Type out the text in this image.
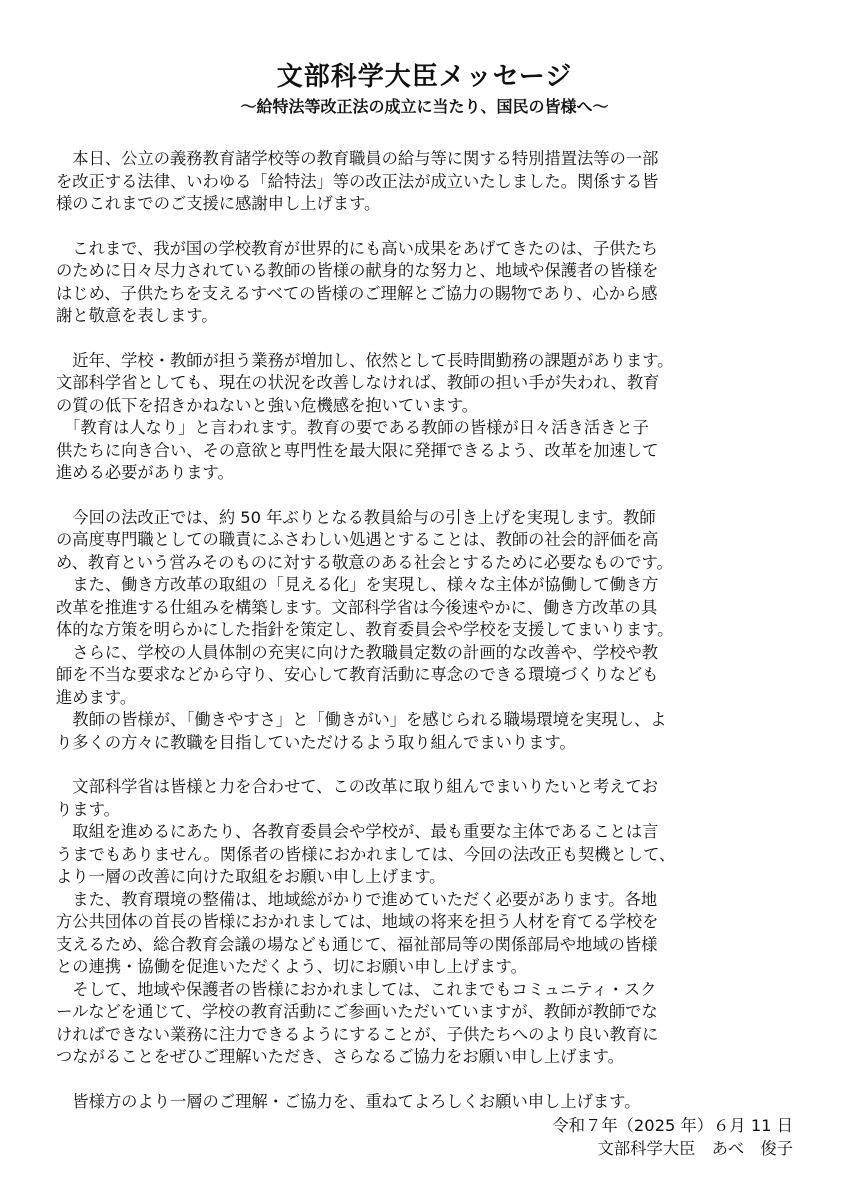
文部科学大臣メッセージ
～給特法等改正法の成立に当たり、国民の皆様へ～
　本日、公立の義務教育諸学校等の教育職員の給与等に関する特別措置法等の一部
を改正する法律、いわゆる「給特法」等の改正法が成立いたしました。関係する皆
様のこれまでのご支援に感謝申し上げます。
　これまで、我が国の学校教育が世界的にも高い成果をあげてきたのは、子供たち
のために日々尽力されている教師の皆様の献身的な努力と、地域や保護者の皆様を
はじめ、子供たちを支えるすべての皆様のご理解とご協力の賜物であり、心から感
謝と敬意を表します。
　近年、学校・教師が担う業務が増加し、依然として長時間勤務の課題があります。
文部科学省としても、現在の状況を改善しなければ、教師の担い手が失われ、教育
の質の低下を招きかねないと強い危機感を抱いています。
　「教育は人なり」と言われます。教育の要である教師の皆様が日々活き活きと子
供たちに向き合い、その意欲と専門性を最大限に発揮できるよう、改革を加速して
進める必要があります。
　今回の法改正では、約 50 年ぶりとなる教員給与の引き上げを実現します。教師
の高度専門職としての職責にふさわしい処遇とすることは、教師の社会的評価を高
め、教育という営みそのものに対する敬意のある社会とするために必要なものです。
　また、働き方改革の取組の「見える化」を実現し、様々な主体が協働して働き方
改革を推進する仕組みを構築します。文部科学省は今後速やかに、働き方改革の具
体的な方策を明らかにした指針を策定し、教育委員会や学校を支援してまいります。
　さらに、学校の人員体制の充実に向けた教職員定数の計画的な改善や、学校や教
師を不当な要求などから守り、安心して教育活動に専念のできる環境づくりなども
進めます。
　教師の皆様が、「働きやすさ」と「働きがい」を感じられる職場環境を実現し、よ
り多くの方々に教職を目指していただけるよう取り組んでまいります。
　文部科学省は皆様と力を合わせて、この改革に取り組んでまいりたいと考えてお
ります。
　取組を進めるにあたり、各教育委員会や学校が、最も重要な主体であることは言
うまでもありません。関係者の皆様におかれましては、今回の法改正も契機として、
より一層の改善に向けた取組をお願い申し上げます。
　また、教育環境の整備は、地域総がかりで進めていただく必要があります。各地
方公共団体の首長の皆様におかれましては、地域の将来を担う人材を育てる学校を
支えるため、総合教育会議の場なども通じて、福祉部局等の関係部局や地域の皆様
との連携・協働を促進いただくよう、切にお願い申し上げます。
　そして、地域や保護者の皆様におかれましては、これまでもコミュニティ・スク
ールなどを通じて、学校の教育活動にご参画いただいていますが、教師が教師でな
ければできない業務に注力できるようにすることが、子供たちへのより良い教育に
つながることをぜひご理解いただき、さらなるご協力をお願い申し上げます。
　皆様方のより一層のご理解・ご協力を、重ねてよろしくお願い申し上げます。
令和７年（2025 年）６月 11 日
文部科学大臣　あべ　俊子
